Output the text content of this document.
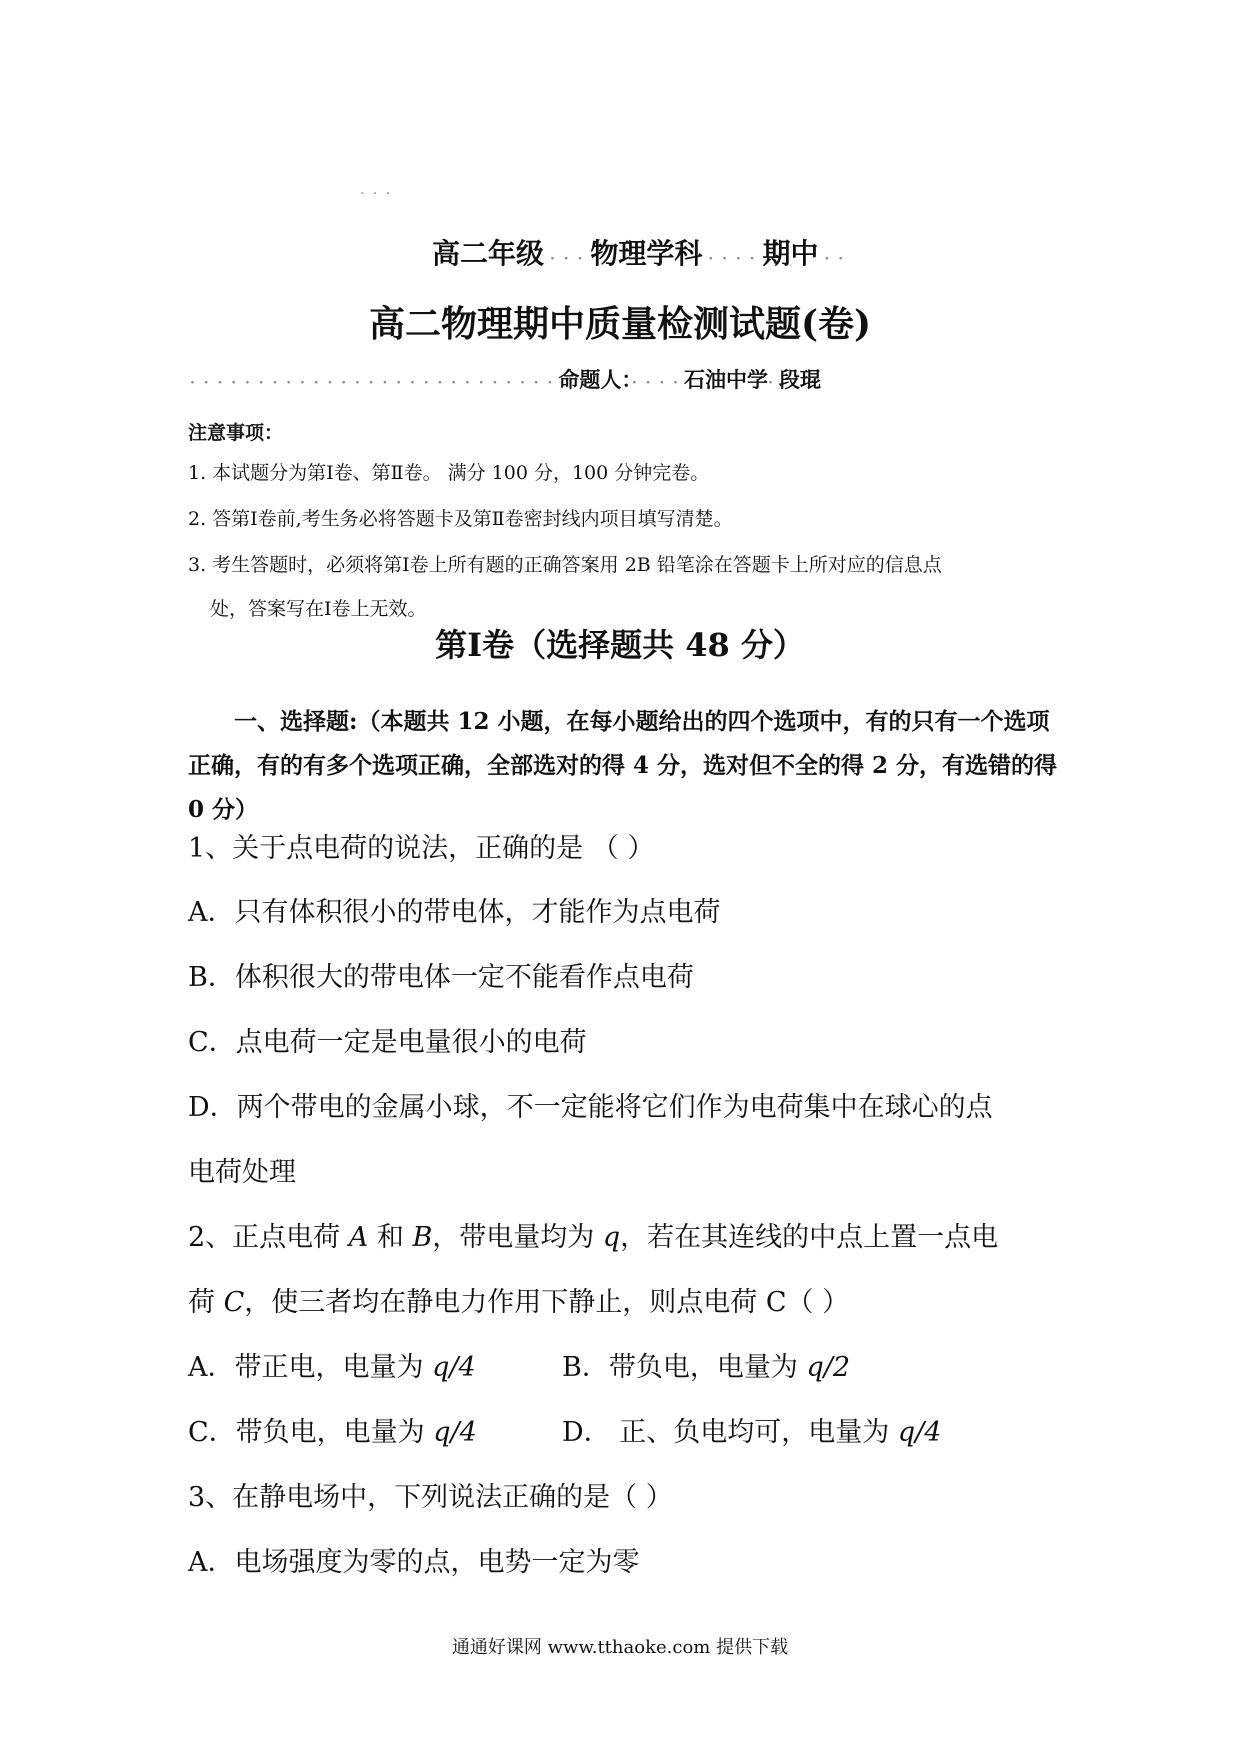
· · ·
高二年级 · · · 物理学科 · · · · 期中 · ·
高二物理期中质量检测试题(卷)
· · · · · · · · · · · · · · · · · · · · · · · · · · · 命题人：· · · · 石油中学· 段琨
注意事项：
1. 本试题分为第Ⅰ卷、第Ⅱ卷。 满分 100 分，100 分钟完卷。
2. 答第Ⅰ卷前,考生务必将答题卡及第Ⅱ卷密封线内项目填写清楚。
3. 考生答题时，必须将第Ⅰ卷上所有题的正确答案用 2B 铅笔涂在答题卡上所对应的信息点
处，答案写在Ⅰ卷上无效。
第Ⅰ卷（选择题共 48 分）
一、选择题:（本题共 12 小题，在每小题给出的四个选项中，有的只有一个选项正确，有的有多个选项正确，全部选对的得 4 分，选对但不全的得 2 分，有选错的得 0 分）
1、关于点电荷的说法，正确的是 （ ）
A．只有体积很小的带电体，才能作为点电荷
B．体积很大的带电体一定不能看作点电荷
C．点电荷一定是电量很小的电荷
D．两个带电的金属小球，不一定能将它们作为电荷集中在球心的点
电荷处理
2、正点电荷 A 和 B，带电量均为 q，若在其连线的中点上置一点电
荷 C，使三者均在静电力作用下静止，则点电荷 C（ ）
A．带正电，电量为 q/4	B．带负电，电量为 q/2
C．带负电，电量为 q/4	D． 正、负电均可，电量为 q/4
3、在静电场中，下列说法正确的是（ ）
A．电场强度为零的点，电势一定为零
通通好课网 www.tthaoke.com 提供下载
